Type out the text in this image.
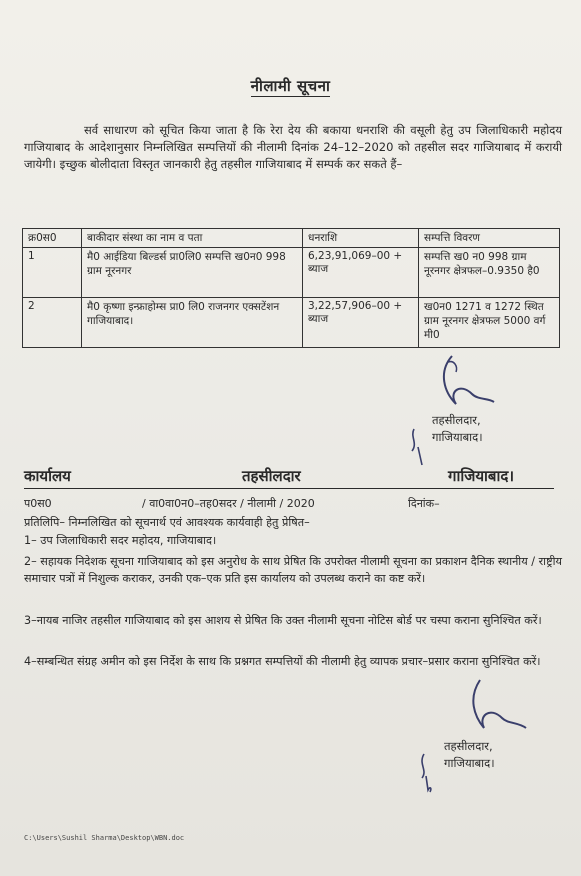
नीलामी सूचना
सर्व साधारण को सूचित किया जाता है कि रेरा देय की बकाया धनराशि की वसूली हेतु उप जिलाधिकारी महोदय गाजियाबाद के आदेशानुसार निम्नलिखित सम्पत्तियों की नीलामी दिनांक 24–12–2020 को तहसील सदर गाजियाबाद में करायी जायेगी। इच्छुक बोलीदाता विस्तृत जानकारी हेतु तहसील गाजियाबाद में सम्पर्क कर सकते हैं–
क्र0स0	बाकीदार संस्था का नाम व पता	धनराशि	सम्पत्ति विवरण
1	मै0 आईडिया बिल्डर्स प्रा0लि0 सम्पत्ति ख0न0 998 ग्राम नूरनगर	6,23,91,069–00 + ब्याज	सम्पत्ति ख0 न0 998 ग्राम नूरनगर क्षेत्रफल–0.9350 है0
2	मै0 कृष्णा इन्फ्राहोम्स प्रा0 लि0 राजनगर एक्सटेंशन गाजियाबाद।	3,22,57,906–00 + ब्याज	ख0न0 1271 व 1272 स्थित ग्राम नूरनगर क्षेत्रफल 5000 वर्ग मी0
तहसीलदार,
गाजियाबाद।
कार्यालय	तहसीलदार	गाजियाबाद।
प0स0	/ वा0वा0न0–तह0सदर / नीलामी / 2020	दिनांक–
प्रतिलिपि– निम्नलिखित को सूचनार्थ एवं आवश्यक कार्यवाही हेतु प्रेषित–
1– उप जिलाधिकारी सदर महोदय, गाजियाबाद।
2– सहायक निदेशक सूचना गाजियाबाद को इस अनुरोध के साथ प्रेषित कि उपरोक्त नीलामी सूचना का प्रकाशन दैनिक स्थानीय / राष्ट्रीय समाचार पत्रों में निशुल्क कराकर, उनकी एक–एक प्रति इस कार्यालय को उपलब्ध कराने का कष्ट करें।
3–नायब नाजिर तहसील गाजियाबाद को इस आशय से प्रेषित कि उक्त नीलामी सूचना नोटिस बोर्ड पर चस्पा कराना सुनिश्चित करें।
4–सम्बन्धित संग्रह अमीन को इस निर्देश के साथ कि प्रश्नगत सम्पत्तियों की नीलामी हेतु व्यापक प्रचार–प्रसार कराना सुनिश्चित करें।
तहसीलदार,
गाजियाबाद।
C:\Users\Sushil Sharma\Desktop\WBN.doc
